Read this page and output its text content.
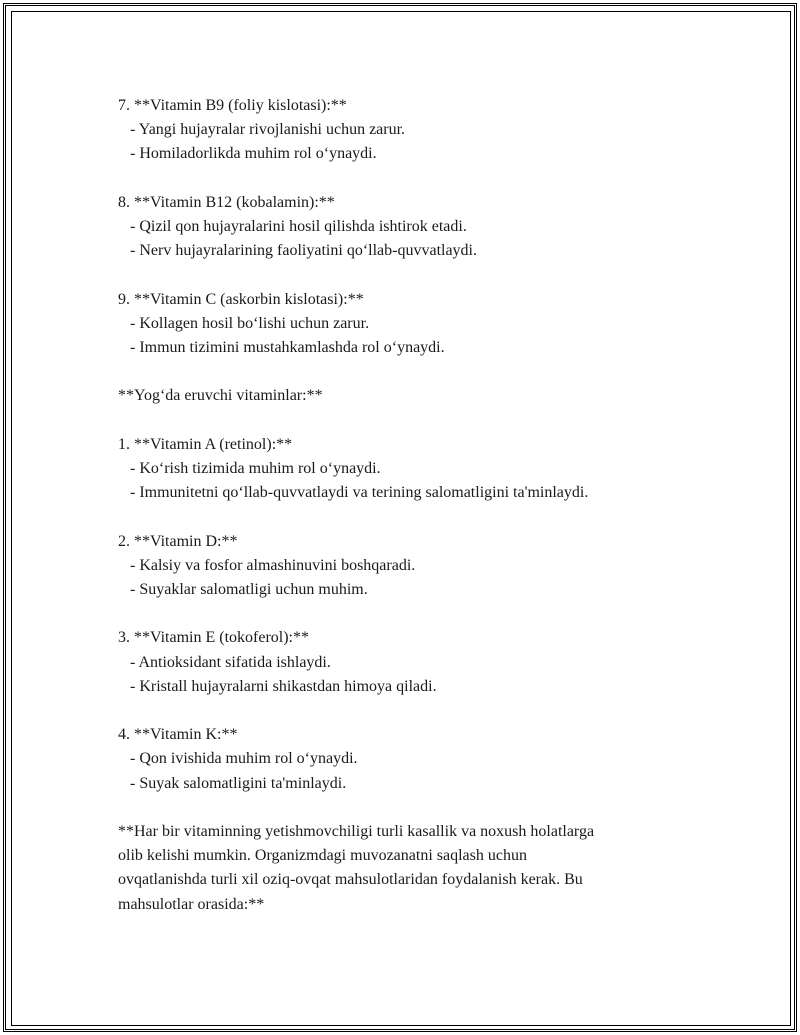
7. **Vitamin B9 (foliy kislotasi):**

- Yangi hujayralar rivojlanishi uchun zarur.

- Homiladorlikda muhim rol o‘ynaydi.

8. **Vitamin B12 (kobalamin):**

- Qizil qon hujayralarini hosil qilishda ishtirok etadi.

- Nerv hujayralarining faoliyatini qo‘llab-quvvatlaydi.

9. **Vitamin C (askorbin kislotasi):**

- Kollagen hosil bo‘lishi uchun zarur.

- Immun tizimini mustahkamlashda rol o‘ynaydi.

**Yog‘da eruvchi vitaminlar:**

1. **Vitamin A (retinol):**

- Ko‘rish tizimida muhim rol o‘ynaydi.

- Immunitetni qo‘llab-quvvatlaydi va terining salomatligini ta'minlaydi.

2. **Vitamin D:**

- Kalsiy va fosfor almashinuvini boshqaradi.

- Suyaklar salomatligi uchun muhim.

3. **Vitamin E (tokoferol):**

- Antioksidant sifatida ishlaydi.

- Kristall hujayralarni shikastdan himoya qiladi.

4. **Vitamin K:**

- Qon ivishida muhim rol o‘ynaydi.

- Suyak salomatligini ta'minlaydi.

**Har bir vitaminning yetishmovchiligi turli kasallik va noxush holatlarga

olib kelishi mumkin. Organizmdagi muvozanatni saqlash uchun

ovqatlanishda turli xil oziq-ovqat mahsulotlaridan foydalanish kerak. Bu

mahsulotlar orasida:**
